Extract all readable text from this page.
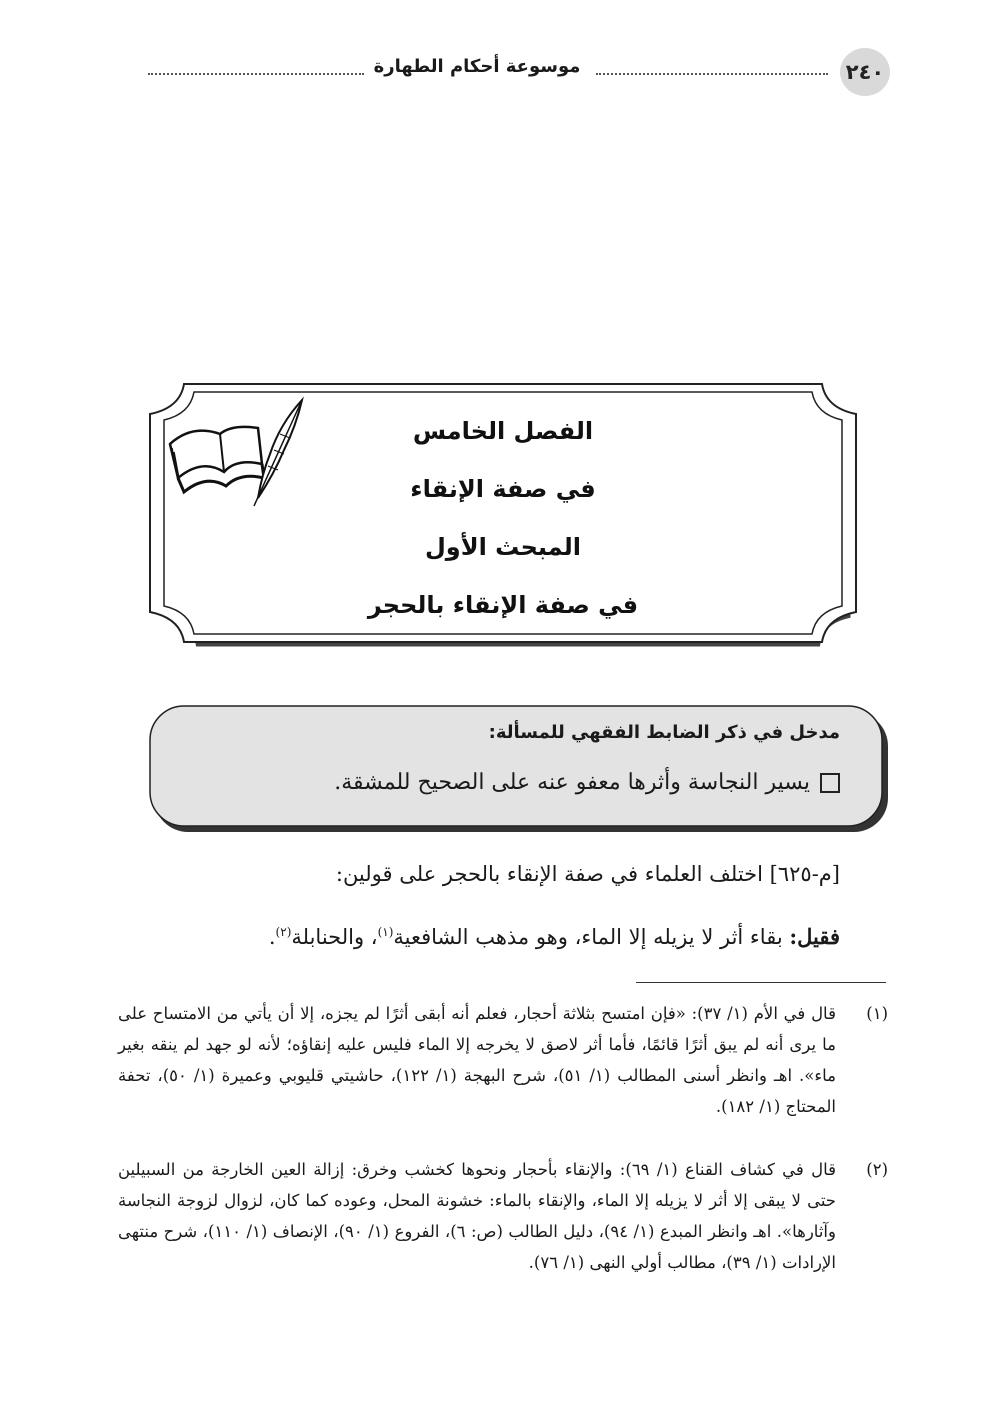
٢٤٠
موسوعة أحكام الطهارة
الفصل الخامس
في صفة الإنقاء
المبحث الأول
في صفة الإنقاء بالحجر
مدخل في ذكر الضابط الفقهي للمسألة:
يسير النجاسة وأثرها معفو عنه على الصحيح للمشقة.
[م-٦٢٥] اختلف العلماء في صفة الإنقاء بالحجر على قولين:
فقيل: بقاء أثر لا يزيله إلا الماء، وهو مذهب الشافعية$^{(١)}$، والحنابلة$^{(٢)}$.
(١)
قال في الأم (١/ ٣٧): «فإن امتسح بثلاثة أحجار، فعلم أنه أبقى أثرًا لم يجزه، إلا أن يأتي من الامتساح على ما يرى أنه لم يبق أثرًا قائمًا، فأما أثر لاصق لا يخرجه إلا الماء فليس عليه إنقاؤه؛ لأنه لو جهد لم ينقه بغير ماء». اهـ وانظر أسنى المطالب (١/ ٥١)، شرح البهجة (١/ ١٢٢)، حاشيتي قليوبي وعميرة (١/ ٥٠)، تحفة المحتاج (١/ ١٨٢).
(٢)
قال في كشاف القناع (١/ ٦٩): والإنقاء بأحجار ونحوها كخشب وخرق: إزالة العين الخارجة من السبيلين حتى لا يبقى إلا أثر لا يزيله إلا الماء، والإنقاء بالماء: خشونة المحل، وعوده كما كان، لزوال لزوجة النجاسة وآثارها». اهـ وانظر المبدع (١/ ٩٤)، دليل الطالب (ص: ٦)، الفروع (١/ ٩٠)، الإنصاف (١/ ١١٠)، شرح منتهى الإرادات (١/ ٣٩)، مطالب أولي النهى (١/ ٧٦).
